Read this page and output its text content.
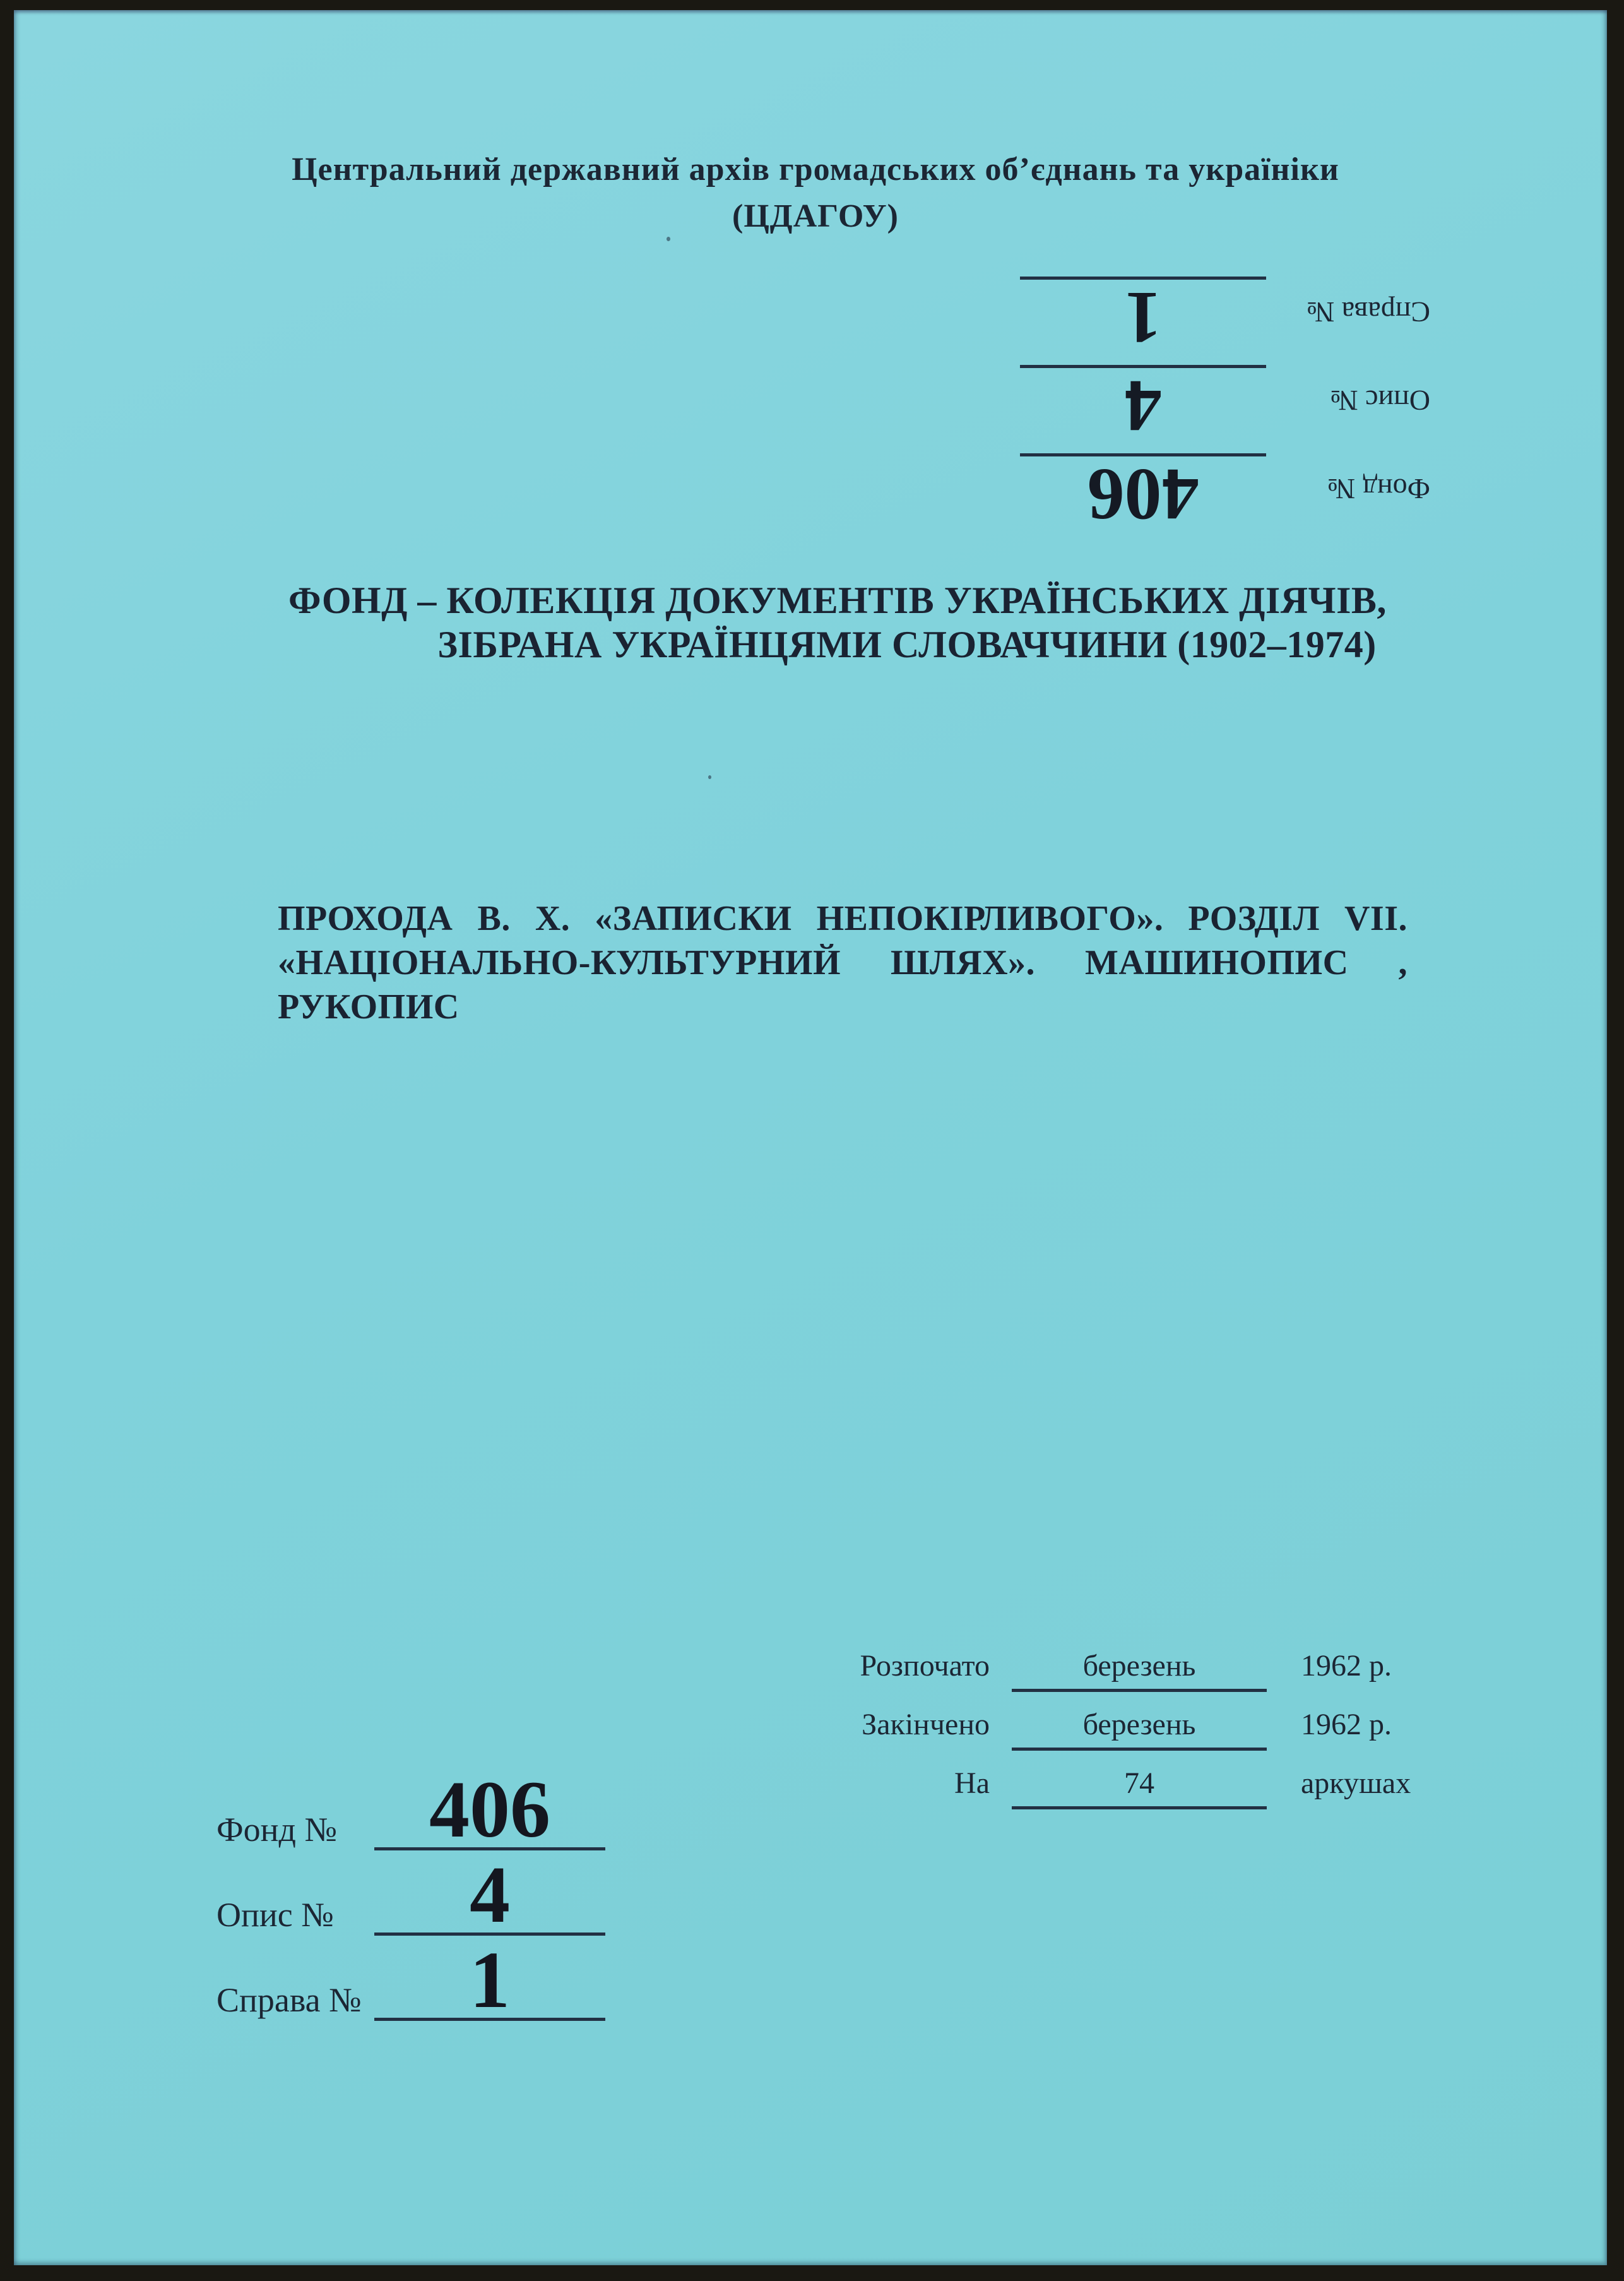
Центральний державний архів громадських об’єднань та україніки
(ЦДАГОУ)
Фонд №
406
Опис №
4
Справа №
1
ФОНД – КОЛЕКЦІЯ ДОКУМЕНТІВ УКРАЇНСЬКИХ ДІЯЧІВ,
ЗІБРАНА УКРАЇНЦЯМИ СЛОВАЧЧИНИ (1902–1974)
ПРОХОДА В. Х. «ЗАПИСКИ НЕПОКІРЛИВОГО». РОЗДІЛ VII.
«НАЦІОНАЛЬНО-КУЛЬТУРНИЙ ШЛЯХ». МАШИНОПИС ,
РУКОПИС
Розпочато	березень	1962 р.
Закінчено	березень	1962 р.
На	74	аркушах
Фонд №	406
Опис №	4
Справа №	1
